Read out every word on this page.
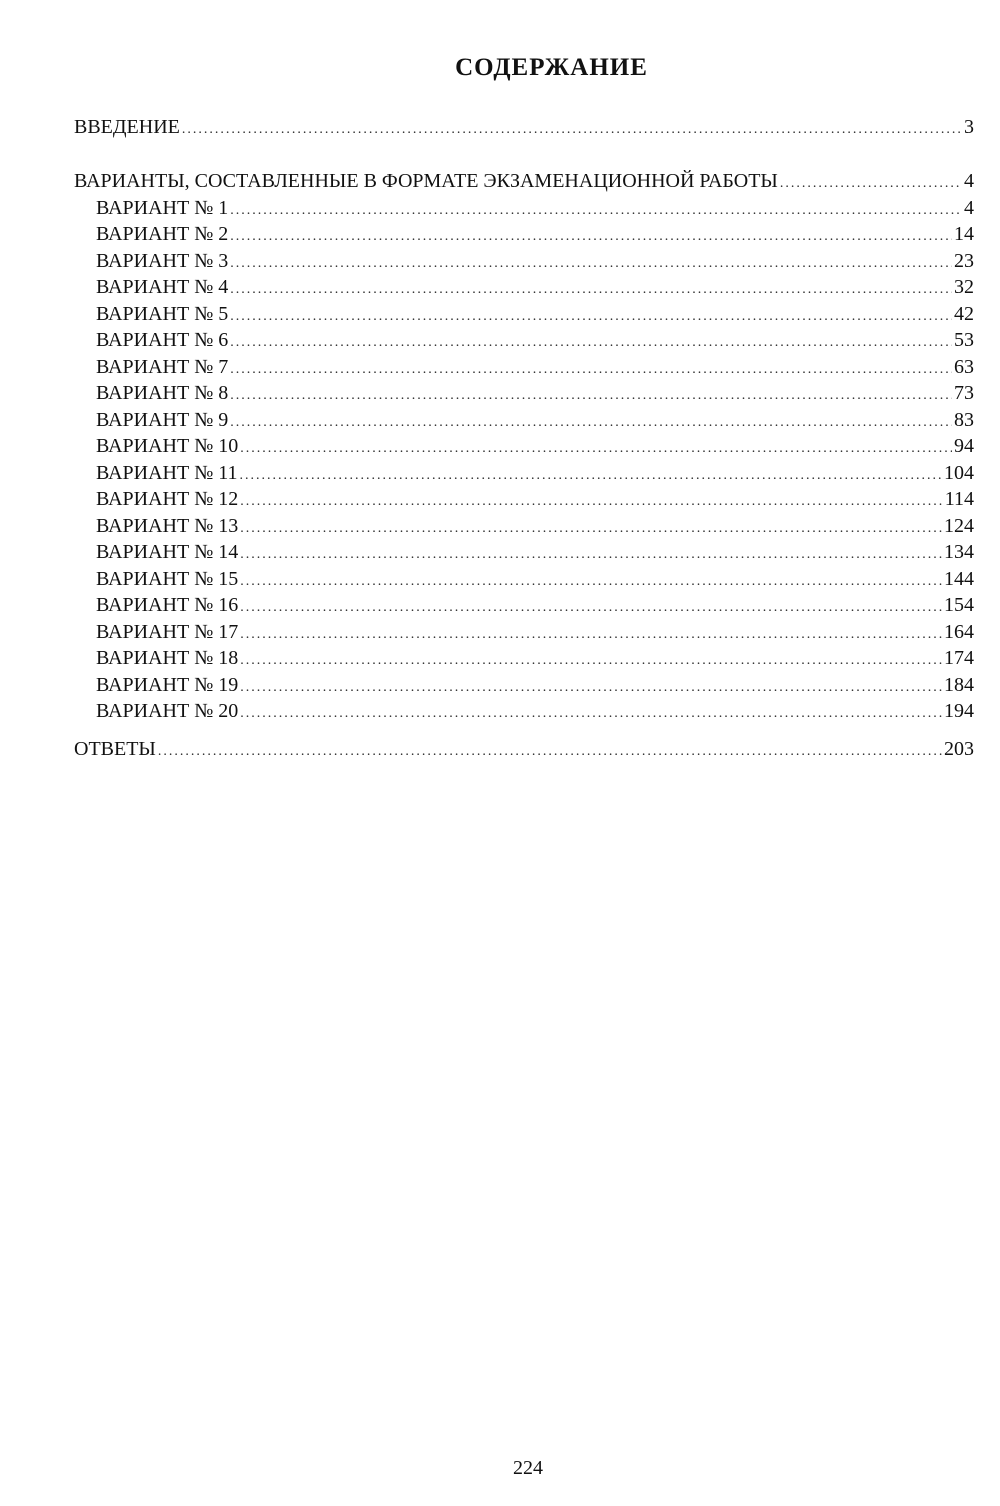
СОДЕРЖАНИЕ
ВВЕДЕНИЕ .....	3
ВАРИАНТЫ, СОСТАВЛЕННЫЕ В ФОРМАТЕ ЭКЗАМЕНАЦИОННОЙ РАБОТЫ .....	4
ВАРИАНТ № 1 .....	4
ВАРИАНТ № 2 .....	14
ВАРИАНТ № 3 .....	23
ВАРИАНТ № 4 .....	32
ВАРИАНТ № 5 .....	42
ВАРИАНТ № 6 .....	53
ВАРИАНТ № 7 .....	63
ВАРИАНТ № 8 .....	73
ВАРИАНТ № 9 .....	83
ВАРИАНТ № 10 .....	94
ВАРИАНТ № 11 .....	104
ВАРИАНТ № 12 .....	114
ВАРИАНТ № 13 .....	124
ВАРИАНТ № 14 .....	134
ВАРИАНТ № 15 .....	144
ВАРИАНТ № 16 .....	154
ВАРИАНТ № 17 .....	164
ВАРИАНТ № 18 .....	174
ВАРИАНТ № 19 .....	184
ВАРИАНТ № 20 .....	194
ОТВЕТЫ .....	203
224
